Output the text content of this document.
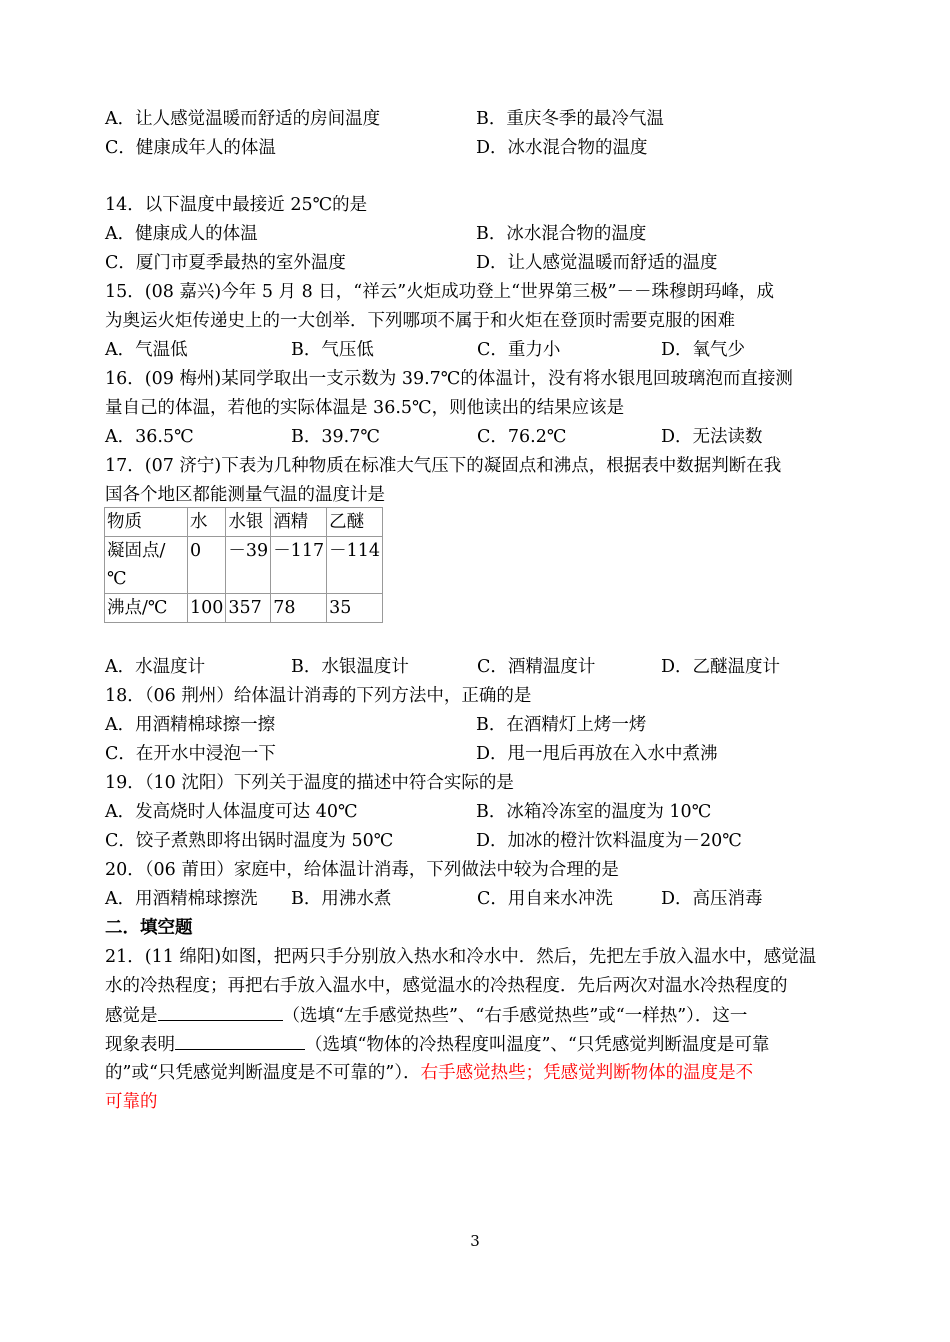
A．让人感觉温暖而舒适的房间温度	B．重庆冬季的最冷气温
C．健康成年人的体温	D．冰水混合物的温度
14．以下温度中最接近 25℃的是
A．健康成人的体温	B．冰水混合物的温度
C．厦门市夏季最热的室外温度	D．让人感觉温暖而舒适的温度
15．(08 嘉兴)今年 5 月 8 日，“祥云”火炬成功登上“世界第三极”－－珠穆朗玛峰，成
为奥运火炬传递史上的一大创举．下列哪项不属于和火炬在登顶时需要克服的困难
A．气温低	B．气压低	C．重力小	D．氧气少
16．(09 梅州)某同学取出一支示数为 39.7℃的体温计，没有将水银甩回玻璃泡而直接测
量自己的体温，若他的实际体温是 36.5℃，则他读出的结果应该是
A．36.5℃	B．39.7℃	C．76.2℃	D．无法读数
17．(07 济宁)下表为几种物质在标准大气压下的凝固点和沸点，根据表中数据判断在我
国各个地区都能测量气温的温度计是
物质	水	水银	酒精	乙醚
凝固点/
℃	0	－39	－117	－114
沸点/℃	100	357	78	35
A．水温度计	B．水银温度计	C．酒精温度计	D．乙醚温度计
18．（06 荆州）给体温计消毒的下列方法中，正确的是
A．用酒精棉球擦一擦	B．在酒精灯上烤一烤
C．在开水中浸泡一下	D．甩一甩后再放在入水中煮沸
19．（10 沈阳）下列关于温度的描述中符合实际的是
A．发高烧时人体温度可达 40℃	B．冰箱冷冻室的温度为 10℃
C．饺子煮熟即将出锅时温度为 50℃	D．加冰的橙汁饮料温度为－20℃
20．（06 莆田）家庭中，给体温计消毒，下列做法中较为合理的是
A．用酒精棉球擦洗 B．用沸水煮	C．用自来水冲洗	D．高压消毒
二．填空题
21．(11 绵阳)如图，把两只手分别放入热水和冷水中．然后，先把左手放入温水中，感觉温
水的冷热程度；再把右手放入温水中，感觉温水的冷热程度．先后两次对温水冷热程度的
感觉是	（选填“左手感觉热些”、“右手感觉热些”或“一样热”）．这一
现象表明	（选填“物体的冷热程度叫温度”、“只凭感觉判断温度是可靠
的”或“只凭感觉判断温度是不可靠的”）．右手感觉热些；凭感觉判断物体的温度是不
可靠的
3
